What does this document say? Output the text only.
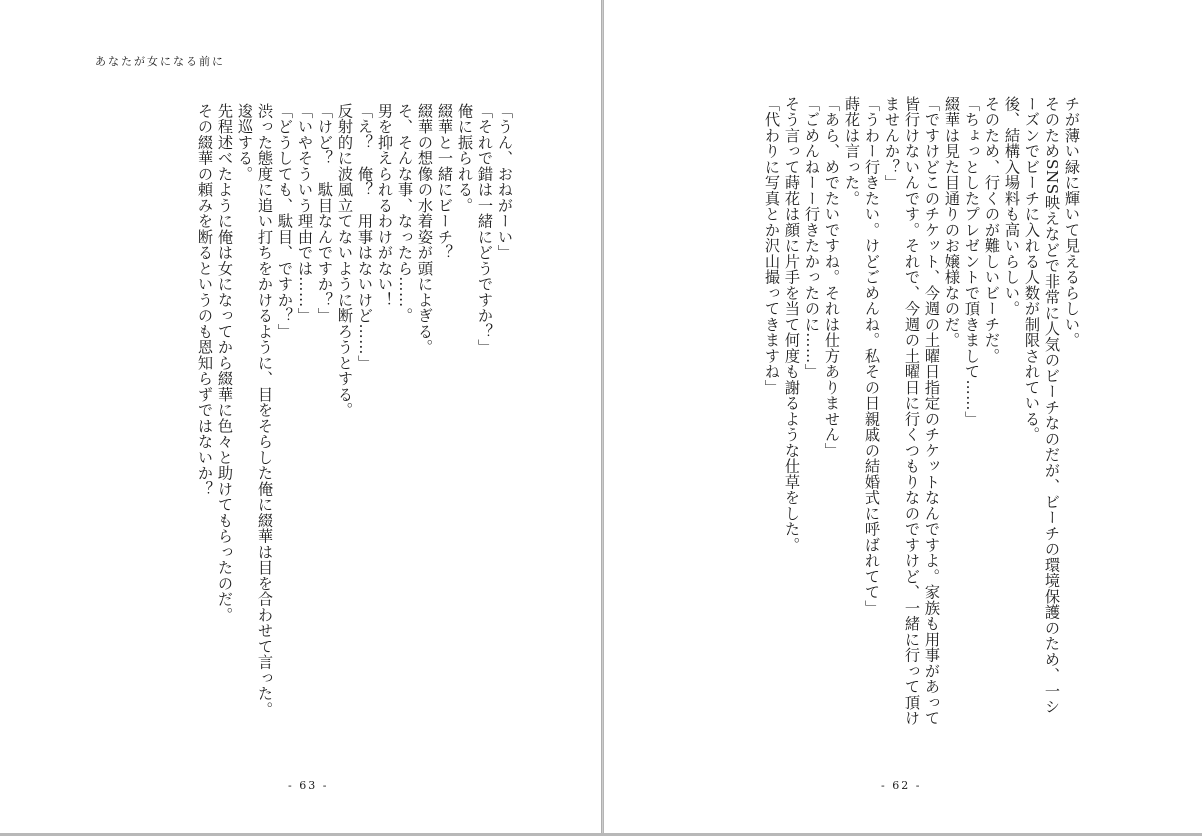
あなたが女になる前に
「うん、おねがーい」
「それで錯は一緒にどうですか？」
俺に振られる。
綴華と一緒にビーチ？
綴華の想像の水着姿が頭によぎる。
そ、そんな事、なったら……。
男を抑えられるわけがない！
「え？　俺？　用事はないけど……」
反射的に波風立てないように断ろうとする。
「けど？　駄目なんですか？」
「いやそういう理由では……」
「どうしても、駄目、ですか？」
渋った態度に追い打ちをかけるように、目をそらした俺に綴華は目を合わせて言った。
逡巡する。
先程述べたように俺は女になってから綴華に色々と助けてもらったのだ。
その綴華の頼みを断るというのも恩知らずではないか？
- 63 -	- 62 -
チが薄い緑に輝いて見えるらしい。
そのためSNS映えなどで非常に人気のビーチなのだが、ビーチの環境保護のため、一シ
ーズンでビーチに入れる人数が制限されている。
後、結構入場料も高いらしい。
そのため、行くのが難しいビーチだ。
「ちょっとしたプレゼントで頂きまして……」
綴華は見た目通りのお嬢様なのだ。
「ですけどこのチケット、今週の土曜日指定のチケットなんですよ。家族も用事があって
皆行けないんです。それで、今週の土曜日に行くつもりなのですけど、一緒に行って頂け
ませんか？」
「うわー行きたい。けどごめんね。私その日親戚の結婚式に呼ばれてて」
蒔花は言った。
「あら、めでたいですね。それは仕方ありません」
「ごめんねーー行きたかったのに……」
そう言って蒔花は顔に片手を当て何度も謝るような仕草をした。
「代わりに写真とか沢山撮ってきますね」
